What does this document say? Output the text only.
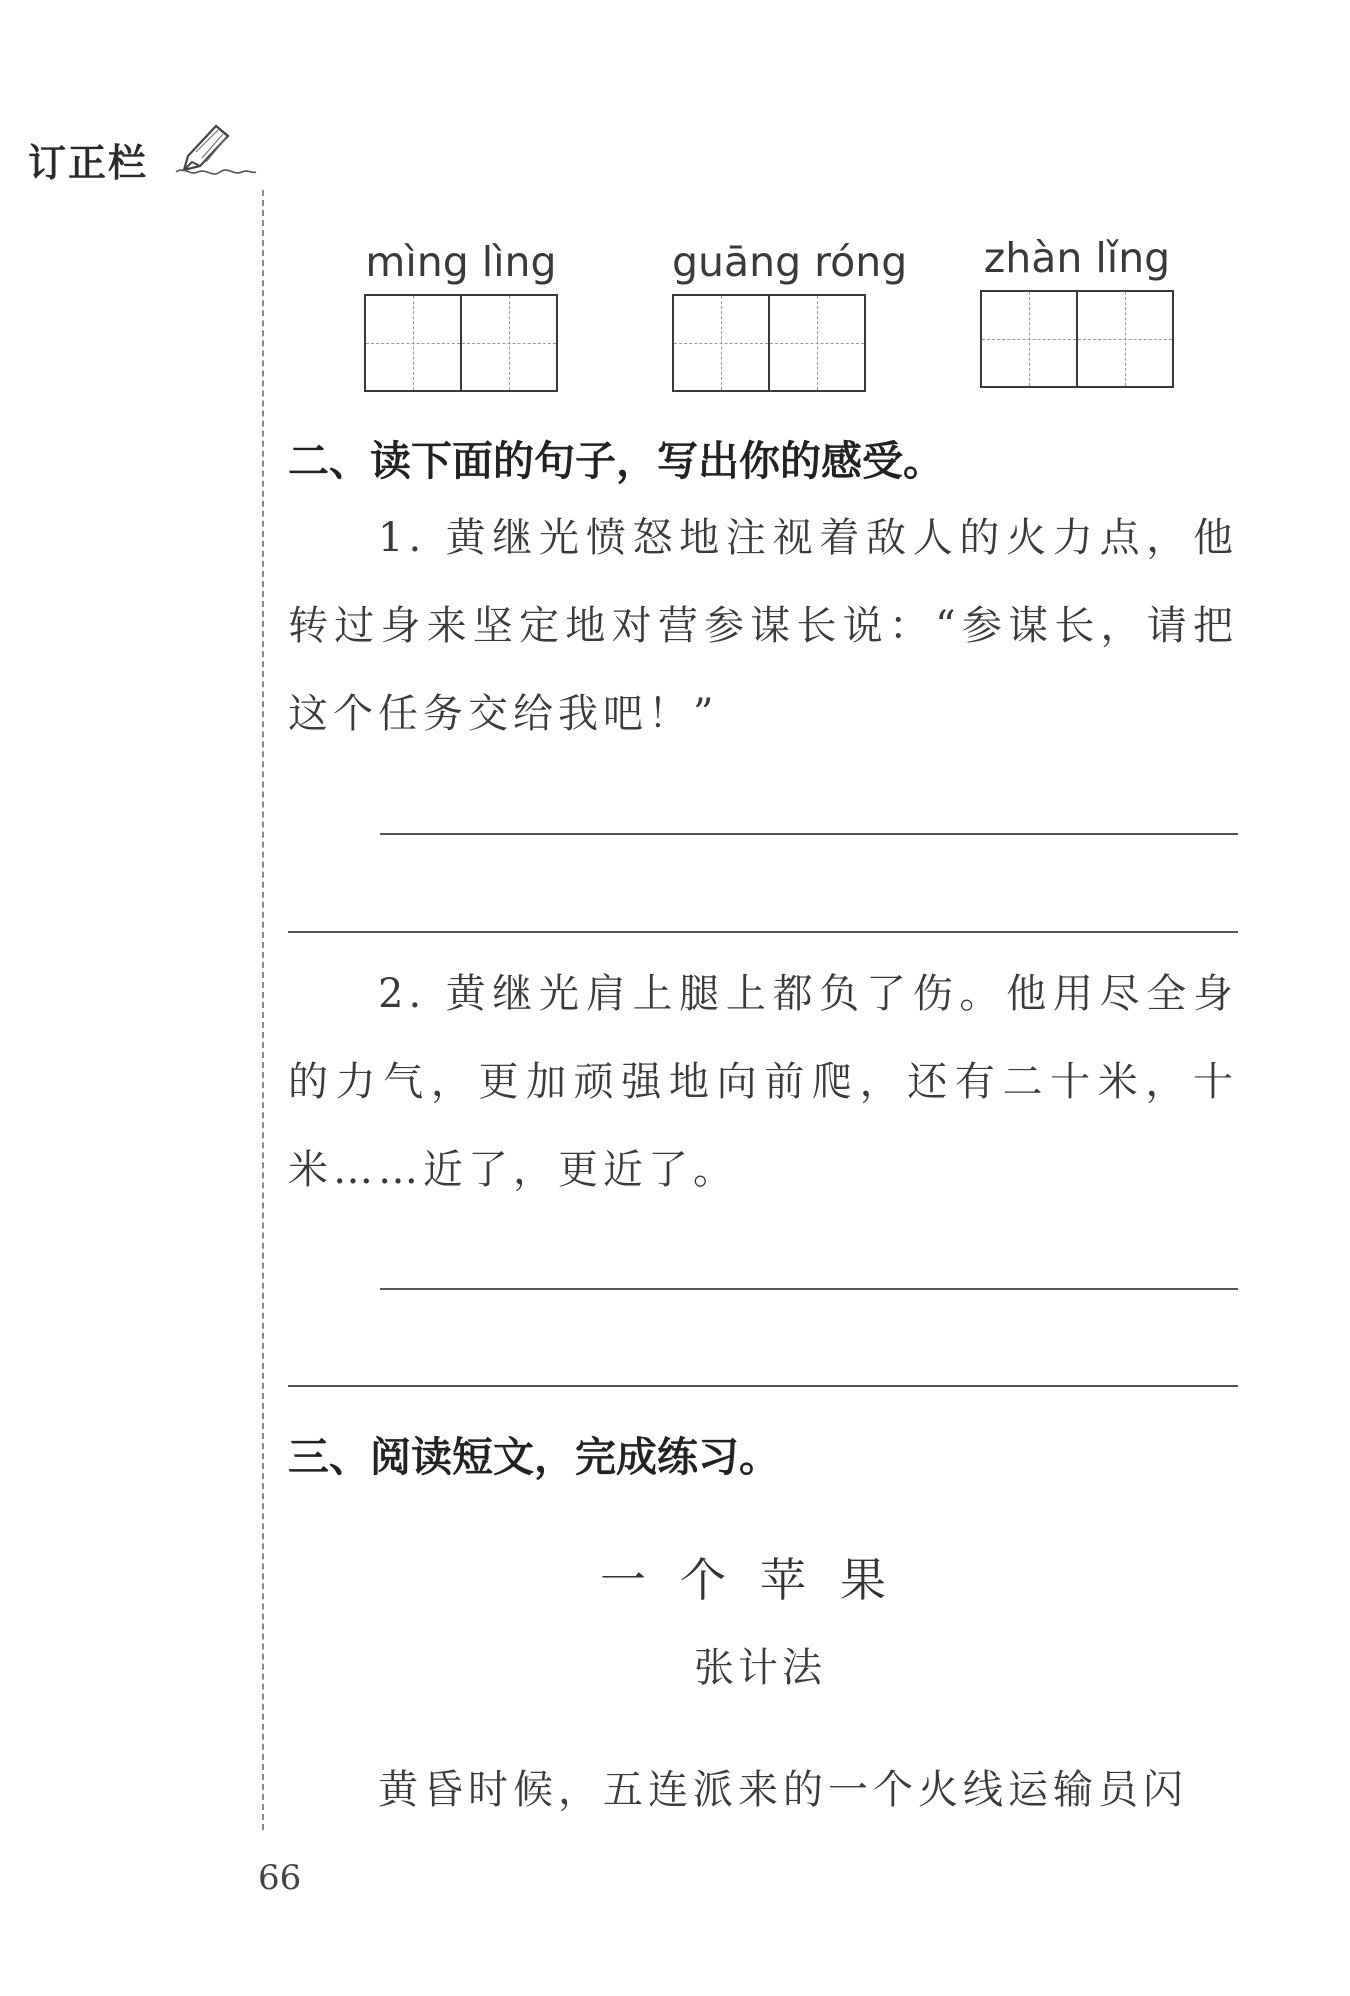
订正栏
mìng lìng	guāng róng zhàn lǐng
二、读下面的句子，写出你的感受。
1. 黄继光愤怒地注视着敌人的火力点，他转过身来坚定地对营参谋长说：“参谋长，请把这个任务交给我吧！”
2. 黄继光肩上腿上都负了伤。他用尽全身的力气，更加顽强地向前爬，还有二十米，十米……近了，更近了。
三、阅读短文，完成练习。
一个苹果
张计法
黄昏时候，五连派来的一个火线运输员闪
66
